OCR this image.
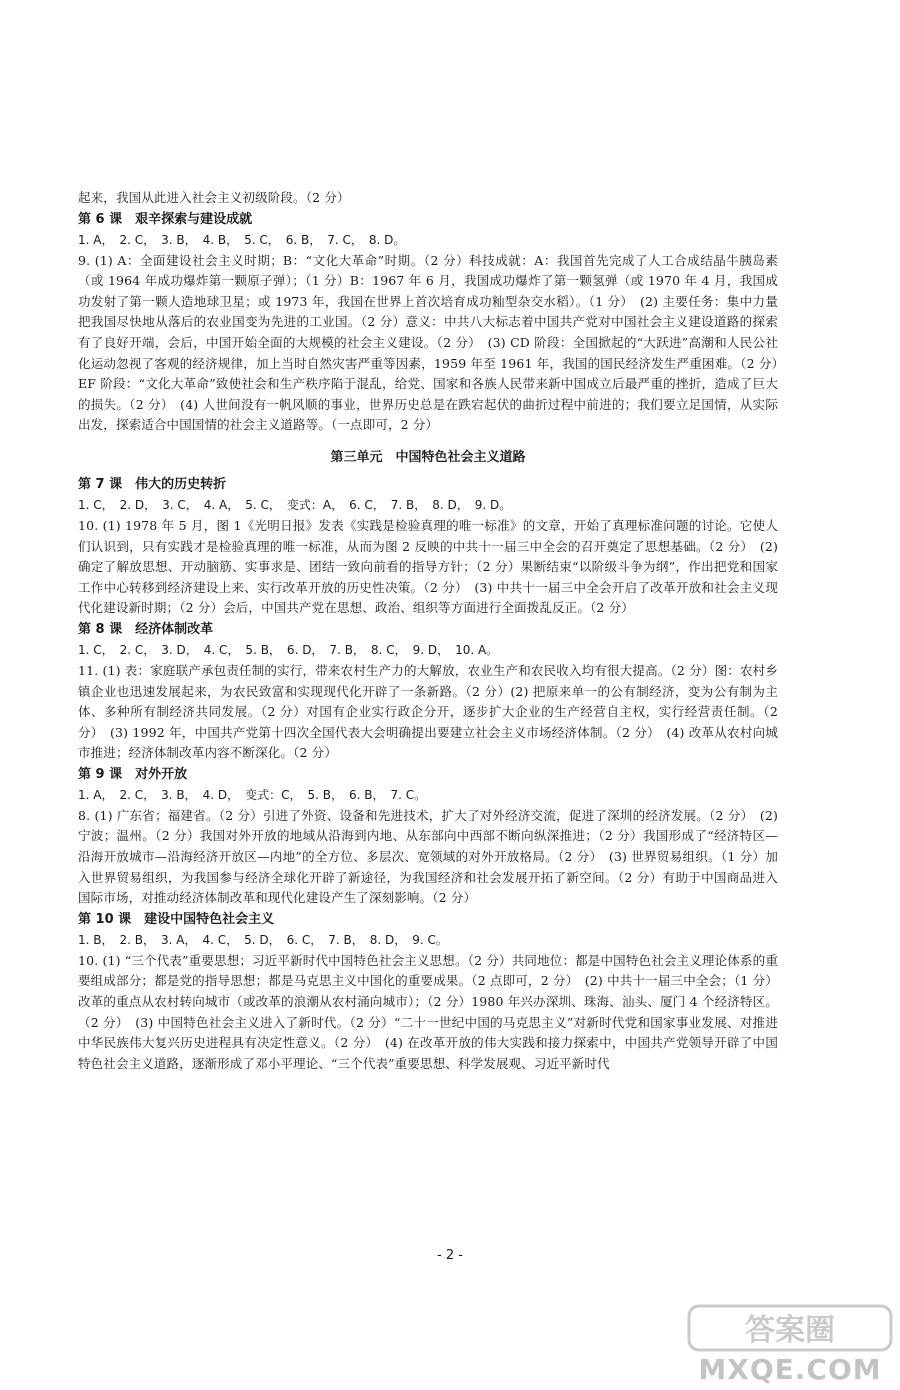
起来，我国从此进入社会主义初级阶段。（2 分）
第 6 课　艰辛探索与建设成就
1. A，　2. C，　3. B，　4. B，　5. C，　6. B，　7. C，　8. D。
9. (1) A：全面建设社会主义时期；B：“文化大革命”时期。（2 分）科技成就：A：我国首先完成了人工合成结晶牛胰岛素（或 1964 年成功爆炸第一颗原子弹）；（1 分）B：1967 年 6 月，我国成功爆炸了第一颗氢弹（或 1970 年 4 月，我国成功发射了第一颗人造地球卫星；或 1973 年，我国在世界上首次培育成功籼型杂交水稻）。（1 分）　(2) 主要任务：集中力量把我国尽快地从落后的农业国变为先进的工业国。（2 分）意义：中共八大标志着中国共产党对中国社会主义建设道路的探索有了良好开端，会后，中国开始全面的大规模的社会主义建设。（2 分）　(3) CD 阶段：全国掀起的“大跃进”高潮和人民公社化运动忽视了客观的经济规律，加上当时自然灾害严重等因素，1959 年至 1961 年，我国的国民经济发生严重困难。（2 分）EF 阶段：“文化大革命”致使社会和生产秩序陷于混乱，给党、国家和各族人民带来新中国成立后最严重的挫折，造成了巨大的损失。（2 分）　(4) 人世间没有一帆风顺的事业，世界历史总是在跌宕起伏的曲折过程中前进的；我们要立足国情，从实际出发，探索适合中国国情的社会主义道路等。（一点即可，2 分）
第三单元　中国特色社会主义道路
第 7 课　伟大的历史转折
1. C，　2. D，　3. C，　4. A，　5. C，　变式：A，　6. C，　7. B，　8. D，　9. D。
10. (1) 1978 年 5 月，图 1《光明日报》发表《实践是检验真理的唯一标准》的文章，开始了真理标准问题的讨论。它使人们认识到，只有实践才是检验真理的唯一标准，从而为图 2 反映的中共十一届三中全会的召开奠定了思想基础。（2 分）　(2) 确定了解放思想、开动脑筋、实事求是、团结一致向前看的指导方针；（2 分）果断结束“以阶级斗争为纲”，作出把党和国家工作中心转移到经济建设上来、实行改革开放的历史性决策。（2 分）　(3) 中共十一届三中全会开启了改革开放和社会主义现代化建设新时期；（2 分）会后，中国共产党在思想、政治、组织等方面进行全面拨乱反正。（2 分）
第 8 课　经济体制改革
1. C，　2. C，　3. D，　4. C，　5. B，　6. D，　7. B，　8. C，　9. D，　10. A。
11. (1) 表：家庭联产承包责任制的实行，带来农村生产力的大解放，农业生产和农民收入均有很大提高。（2 分）图：农村乡镇企业也迅速发展起来，为农民致富和实现现代化开辟了一条新路。（2 分）(2) 把原来单一的公有制经济，变为公有制为主体、多种所有制经济共同发展。（2 分）对国有企业实行政企分开，逐步扩大企业的生产经营自主权，实行经营责任制。（2 分）　(3) 1992 年，中国共产党第十四次全国代表大会明确提出要建立社会主义市场经济体制。（2 分）　(4) 改革从农村向城市推进；经济体制改革内容不断深化。（2 分）
第 9 课　对外开放
1. A，　2. C，　3. B，　4. D，　变式：C，　5. B，　6. B，　7. C。
8. (1) 广东省；福建省。（2 分）引进了外资、设备和先进技术，扩大了对外经济交流，促进了深圳的经济发展。（2 分）　(2) 宁波；温州。（2 分）我国对外开放的地域从沿海到内地、从东部向中西部不断向纵深推进；（2 分）我国形成了“经济特区—沿海开放城市—沿海经济开放区—内地”的全方位、多层次、宽领域的对外开放格局。（2 分）　(3) 世界贸易组织。（1 分）加入世界贸易组织，为我国参与经济全球化开辟了新途径，为我国经济和社会发展开拓了新空间。（2 分）有助于中国商品进入国际市场，对推动经济体制改革和现代化建设产生了深刻影响。（2 分）
第 10 课　建设中国特色社会主义
1. B，　2. B，　3. A，　4. C，　5. D，　6. C，　7. B，　8. D，　9. C。
10. (1) “三个代表”重要思想；习近平新时代中国特色社会主义思想。（2 分）共同地位：都是中国特色社会主义理论体系的重要组成部分；都是党的指导思想；都是马克思主义中国化的重要成果。（2 点即可，2 分）　(2) 中共十一届三中全会；（1 分）改革的重点从农村转向城市（或改革的浪潮从农村涌向城市）；（2 分）1980 年兴办深圳、珠海、汕头、厦门 4 个经济特区。（2 分）　(3) 中国特色社会主义进入了新时代。（2 分）“二十一世纪中国的马克思主义”对新时代党和国家事业发展、对推进中华民族伟大复兴历史进程具有决定性意义。（2 分）　(4) 在改革开放的伟大实践和接力探索中，中国共产党领导开辟了中国特色社会主义道路，逐渐形成了邓小平理论、“三个代表”重要思想、科学发展观、习近平新时代
- 2 -
答案圈
MXQE.COM
